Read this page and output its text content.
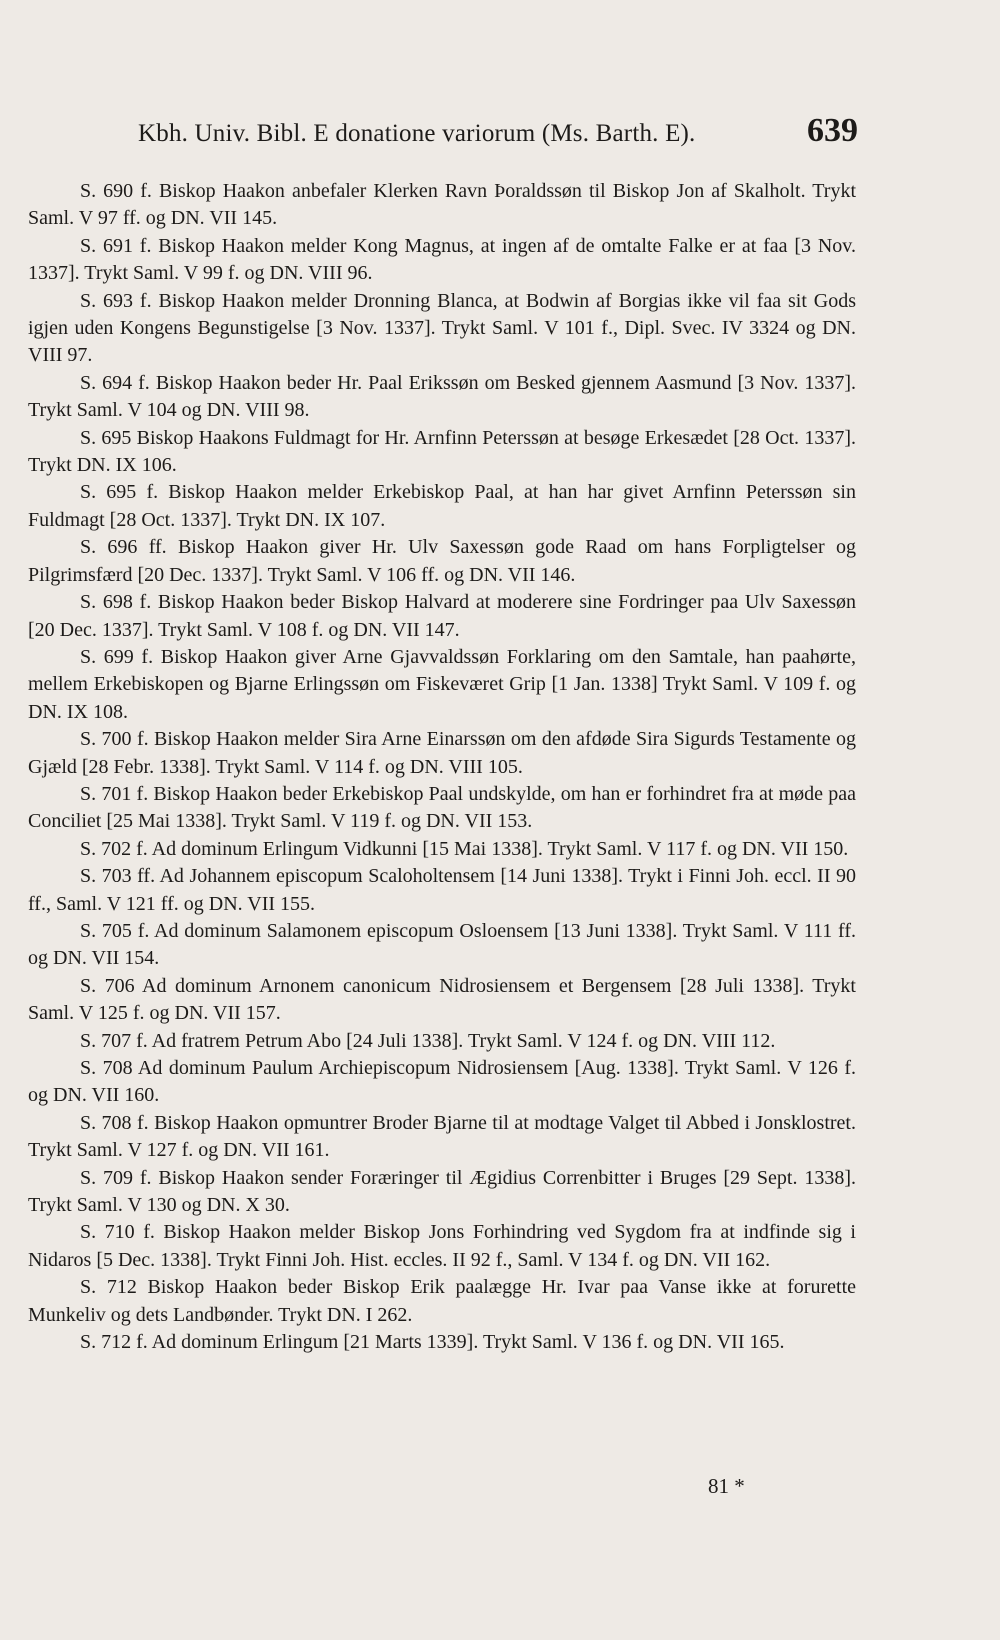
Kbh. Univ. Bibl. E donatione variorum (Ms. Barth. E).	639

S. 690 f. Biskop Haakon anbefaler Klerken Ravn Þoraldssøn til Biskop Jon af Skalholt. Trykt Saml. V 97 ff. og DN. VII 145.

S. 691 f. Biskop Haakon melder Kong Magnus, at ingen af de omtalte Falke er at faa [3 Nov. 1337]. Trykt Saml. V 99 f. og DN. VIII 96.

S. 693 f. Biskop Haakon melder Dronning Blanca, at Bodwin af Borgias ikke vil faa sit Gods igjen uden Kongens Begunstigelse [3 Nov. 1337]. Trykt Saml. V 101 f., Dipl. Svec. IV 3324 og DN. VIII 97.

S. 694 f. Biskop Haakon beder Hr. Paal Erikssøn om Besked gjennem Aasmund [3 Nov. 1337]. Trykt Saml. V 104 og DN. VIII 98.

S. 695 Biskop Haakons Fuldmagt for Hr. Arnfinn Peterssøn at besøge Erkesædet [28 Oct. 1337]. Trykt DN. IX 106.

S. 695 f. Biskop Haakon melder Erkebiskop Paal, at han har givet Arnfinn Peterssøn sin Fuldmagt [28 Oct. 1337]. Trykt DN. IX 107.

S. 696 ff. Biskop Haakon giver Hr. Ulv Saxessøn gode Raad om hans Forpligtelser og Pilgrimsfærd [20 Dec. 1337]. Trykt Saml. V 106 ff. og DN. VII 146.

S. 698 f. Biskop Haakon beder Biskop Halvard at moderere sine Fordringer paa Ulv Saxessøn [20 Dec. 1337]. Trykt Saml. V 108 f. og DN. VII 147.

S. 699 f. Biskop Haakon giver Arne Gjavvaldssøn Forklaring om den Samtale, han paahørte, mellem Erkebiskopen og Bjarne Erlingssøn om Fiskeværet Grip [1 Jan. 1338] Trykt Saml. V 109 f. og DN. IX 108.

S. 700 f. Biskop Haakon melder Sira Arne Einarssøn om den afdøde Sira Sigurds Testamente og Gjæld [28 Febr. 1338]. Trykt Saml. V 114 f. og DN. VIII 105.

S. 701 f. Biskop Haakon beder Erkebiskop Paal undskylde, om han er forhindret fra at møde paa Conciliet [25 Mai 1338]. Trykt Saml. V 119 f. og DN. VII 153.

S. 702 f. Ad dominum Erlingum Vidkunni [15 Mai 1338]. Trykt Saml. V 117 f. og DN. VII 150.

S. 703 ff. Ad Johannem episcopum Scaloholtensem [14 Juni 1338]. Trykt i Finni Joh. eccl. II 90 ff., Saml. V 121 ff. og DN. VII 155.

S. 705 f. Ad dominum Salamonem episcopum Osloensem [13 Juni 1338]. Trykt Saml. V 111 ff. og DN. VII 154.

S. 706 Ad dominum Arnonem canonicum Nidrosiensem et Bergensem [28 Juli 1338]. Trykt Saml. V 125 f. og DN. VII 157.

S. 707 f. Ad fratrem Petrum Abo [24 Juli 1338]. Trykt Saml. V 124 f. og DN. VIII 112.

S. 708 Ad dominum Paulum Archiepiscopum Nidrosiensem [Aug. 1338]. Trykt Saml. V 126 f. og DN. VII 160.

S. 708 f. Biskop Haakon opmuntrer Broder Bjarne til at modtage Valget til Abbed i Jonsklostret. Trykt Saml. V 127 f. og DN. VII 161.

S. 709 f. Biskop Haakon sender Foræringer til Ægidius Correnbitter i Bruges [29 Sept. 1338]. Trykt Saml. V 130 og DN. X 30.

S. 710 f. Biskop Haakon melder Biskop Jons Forhindring ved Sygdom fra at indfinde sig i Nidaros [5 Dec. 1338]. Trykt Finni Joh. Hist. eccles. II 92 f., Saml. V 134 f. og DN. VII 162.

S. 712 Biskop Haakon beder Biskop Erik paalægge Hr. Ivar paa Vanse ikke at forurette Munkeliv og dets Landbønder. Trykt DN. I 262.

S. 712 f. Ad dominum Erlingum [21 Marts 1339]. Trykt Saml. V 136 f. og DN. VII 165.

81 *
